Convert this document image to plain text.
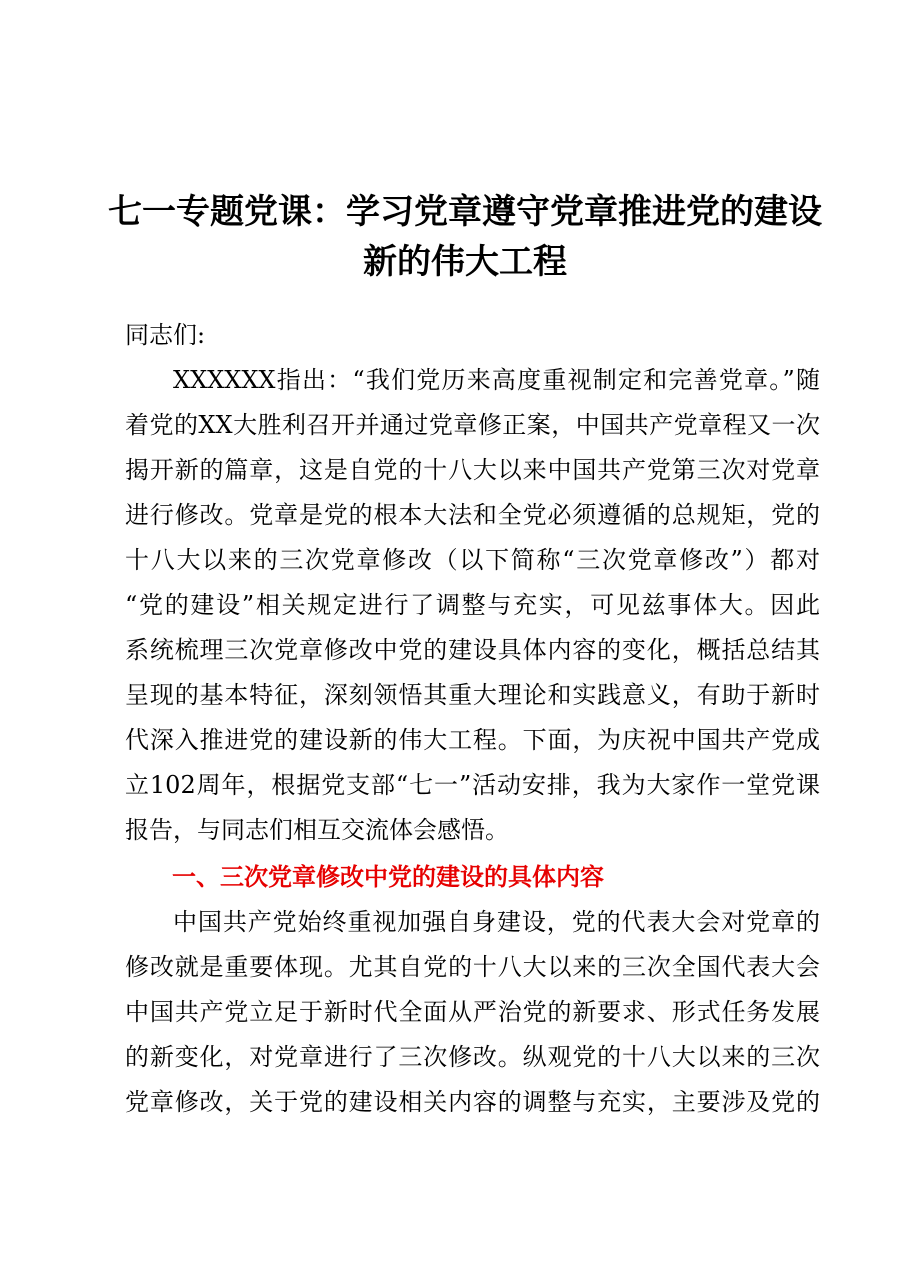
七一专题党课：学习党章遵守党章推进党的建设
新的伟大工程

同志们:

XXXXXX指出：“我们党历来高度重视制定和完善党章。”随
着党的XX大胜利召开并通过党章修正案，中国共产党章程又一次
揭开新的篇章，这是自党的十八大以来中国共产党第三次对党章
进行修改。党章是党的根本大法和全党必须遵循的总规矩，党的
十八大以来的三次党章修改（以下简称“三次党章修改”）都对
“党的建设”相关规定进行了调整与充实，可见兹事体大。因此
系统梳理三次党章修改中党的建设具体内容的变化，概括总结其
呈现的基本特征，深刻领悟其重大理论和实践意义，有助于新时
代深入推进党的建设新的伟大工程。下面，为庆祝中国共产党成
立102周年，根据党支部“七一”活动安排，我为大家作一堂党课
报告，与同志们相互交流体会感悟。
一、三次党章修改中党的建设的具体内容
中国共产党始终重视加强自身建设，党的代表大会对党章的
修改就是重要体现。尤其自党的十八大以来的三次全国代表大会
中国共产党立足于新时代全面从严治党的新要求、形式任务发展
的新变化，对党章进行了三次修改。纵观党的十八大以来的三次
党章修改，关于党的建设相关内容的调整与充实，主要涉及党的
